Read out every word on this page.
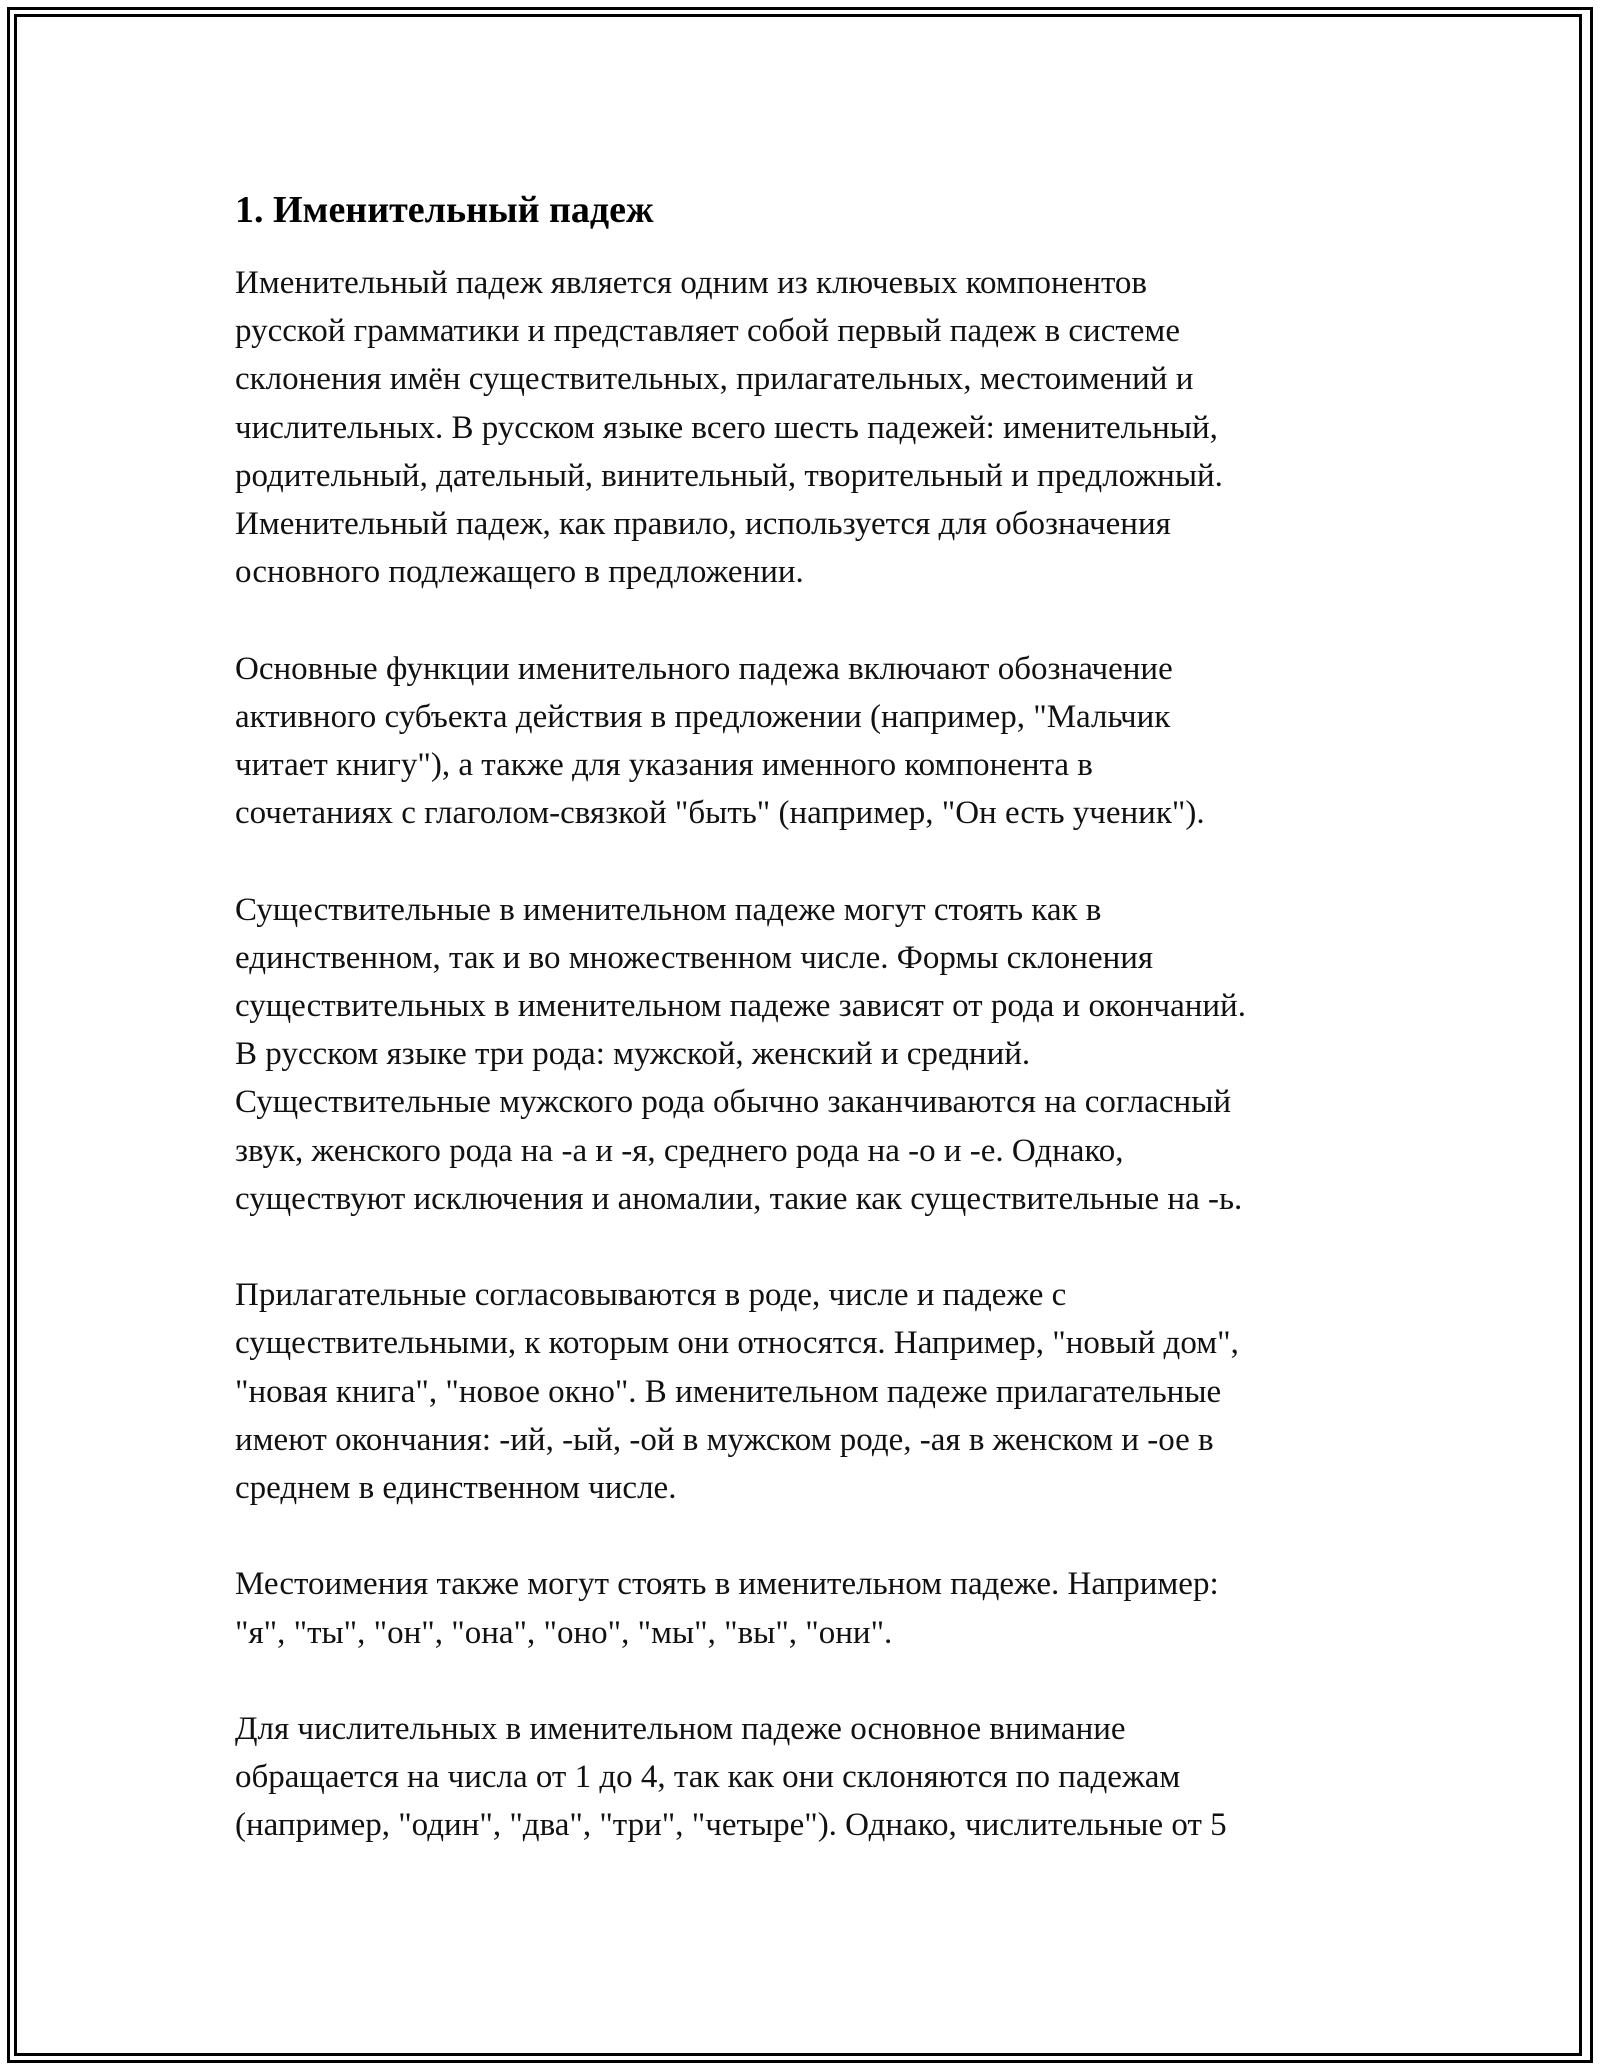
1. Именительный падеж

Именительный падеж является одним из ключевых компонентов
русской грамматики и представляет собой первый падеж в системе
склонения имён существительных, прилагательных, местоимений и
числительных. В русском языке всего шесть падежей: именительный,
родительный, дательный, винительный, творительный и предложный.
Именительный падеж, как правило, используется для обозначения
основного подлежащего в предложении.

Основные функции именительного падежа включают обозначение
активного субъекта действия в предложении (например, "Мальчик
читает книгу"), а также для указания именного компонента в
сочетаниях с глаголом-связкой "быть" (например, "Он есть ученик").

Существительные в именительном падеже могут стоять как в
единственном, так и во множественном числе. Формы склонения
существительных в именительном падеже зависят от рода и окончаний.
В русском языке три рода: мужской, женский и средний.
Существительные мужского рода обычно заканчиваются на согласный
звук, женского рода на -а и -я, среднего рода на -о и -е. Однако,
существуют исключения и аномалии, такие как существительные на -ь.

Прилагательные согласовываются в роде, числе и падеже с
существительными, к которым они относятся. Например, "новый дом",
"новая книга", "новое окно". В именительном падеже прилагательные
имеют окончания: -ий, -ый, -ой в мужском роде, -ая в женском и -ое в
среднем в единственном числе.

Местоимения также могут стоять в именительном падеже. Например:
"я", "ты", "он", "она", "оно", "мы", "вы", "они".

Для числительных в именительном падеже основное внимание
обращается на числа от 1 до 4, так как они склоняются по падежам
(например, "один", "два", "три", "четыре"). Однако, числительные от 5
